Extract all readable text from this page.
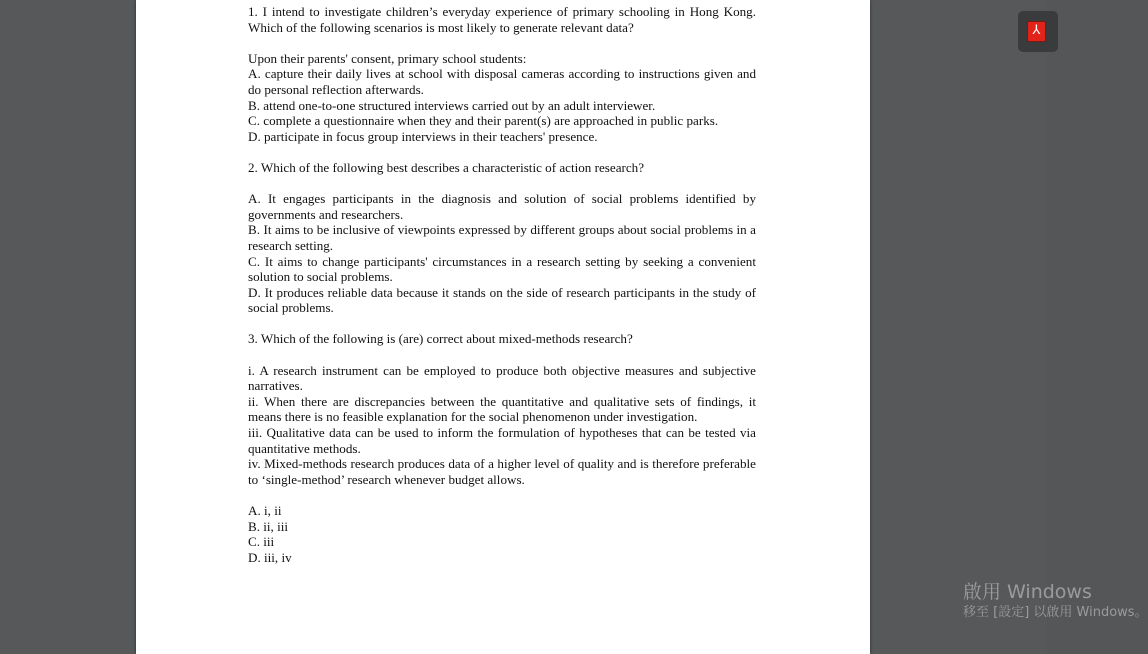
1. I intend to investigate children’s everyday experience of primary schooling in Hong Kong. Which of the following scenarios is most likely to generate relevant data?

Upon their parents' consent, primary school students:

A. capture their daily lives at school with disposal cameras according to instructions given and do personal reflection afterwards.

B. attend one-to-one structured interviews carried out by an adult interviewer.

C. complete a questionnaire when they and their parent(s) are approached in public parks.

D. participate in focus group interviews in their teachers' presence.

2. Which of the following best describes a characteristic of action research?

A. It engages participants in the diagnosis and solution of social problems identified by governments and researchers.

B. It aims to be inclusive of viewpoints expressed by different groups about social problems in a research setting.

C. It aims to change participants' circumstances in a research setting by seeking a convenient solution to social problems.

D. It produces reliable data because it stands on the side of research participants in the study of social problems.

3. Which of the following is (are) correct about mixed-methods research?

i. A research instrument can be employed to produce both objective measures and subjective narratives.

ii. When there are discrepancies between the quantitative and qualitative sets of findings, it means there is no feasible explanation for the social phenomenon under investigation.

iii. Qualitative data can be used to inform the formulation of hypotheses that can be tested via quantitative methods.

iv. Mixed-methods research produces data of a higher level of quality and is therefore preferable to ‘single-method’ research whenever budget allows.

A. i, ii

B. ii, iii

C. iii

D. iii, iv

⅄
啟用 Windows
移至 [設定] 以啟用 Windows。
